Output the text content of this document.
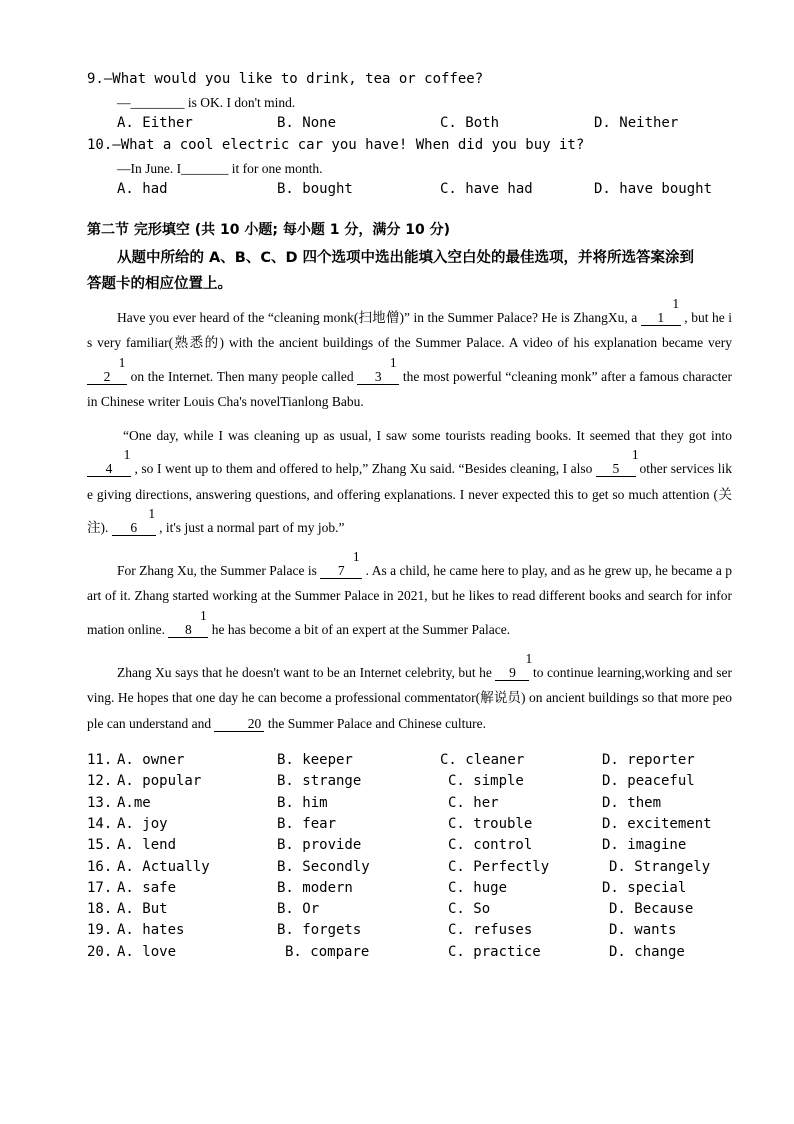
9.—What would you like to drink, tea or coffee?
—________ is OK. I don't mind.
A. Either	B. None	C. Both	D. Neither
10.—What a cool electric car you have! When did you buy it?
—In June. I_______ it for one month.
A. had	B. bought	C. have had	D. have bought
第二节 完形填空 (共 10 小题; 每小题 1 分，满分 10 分)
从题中所给的 A、B、C、D 四个选项中选出能填入空白处的最佳选项，并将所选答案涂到
答题卡的相应位置上。
Have you ever heard of the “cleaning monk(扫地僧)” in the Summer Palace? He is ZhangXu, a 11 , but he is very familiar(熟悉的) with the ancient buildings of the Summer Palace. A video of his explanation became very 12 on the Internet. Then many people called 13 the most powerful “cleaning monk” after a famous character in Chinese writer Louis Cha's novelTianlong Babu.
“One day, while I was cleaning up as usual, I saw some tourists reading books. It seemed that they got into 14 , so I went up to them and offered to help,” Zhang Xu said. “Besides cleaning, I also 15 other services like giving directions, answering questions, and offering explanations. I never expected this to get so much attention (关注). 16 , it's just a normal part of my job.”
For Zhang Xu, the Summer Palace is 17 . As a child, he came here to play, and as he grew up, he became a part of it. Zhang started working at the Summer Palace in 2021, but he likes to read different books and search for information online. 18 he has become a bit of an expert at the Summer Palace.
Zhang Xu says that he doesn't want to be an Internet celebrity, but he 19 to continue learning,working and serving. He hopes that one day he can become a professional commentator(解说员) on ancient buildings so that more people can understand and 20 the Summer Palace and Chinese culture.
11. A. owner	B. keeper	C. cleaner	D. reporter
12. A. popular	B. strange	C. simple	D. peaceful
13. A.me	B. him	C. her	D. them
14. A. joy	B. fear	C. trouble	D. excitement
15. A. lend	B. provide	C. control	D. imagine
16. A. Actually	B. Secondly	C. Perfectly	D. Strangely
17. A. safe	B. modern	C. huge	D. special
18. A. But	B. Or	C. So	D. Because
19. A. hates	B. forgets	C. refuses	D. wants
20. A. love	B. compare	C. practice	D. change
